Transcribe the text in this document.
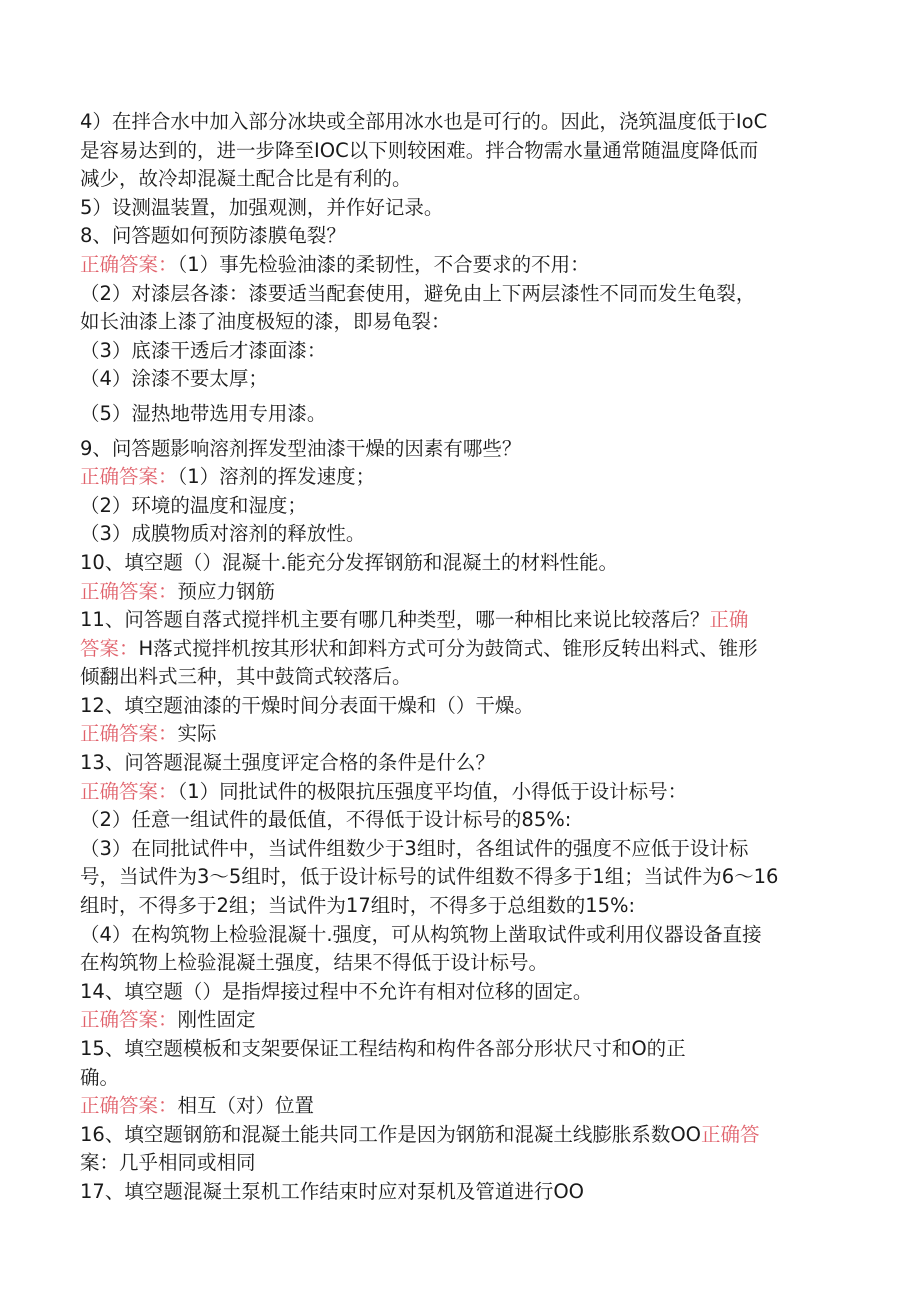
4）在拌合水中加入部分冰块或全部用冰水也是可行的。因此，浇筑温度低于IoC
是容易达到的，进一步降至IOC以下则较困难。拌合物需水量通常随温度降低而
减少，故冷却混凝土配合比是有利的。
5）设测温装置，加强观测，并作好记录。
8、问答题如何预防漆膜龟裂？
正确答案：（1）事先检验油漆的柔韧性，不合要求的不用：
（2）对漆层各漆：漆要适当配套使用，避免由上下两层漆性不同而发生龟裂，
如长油漆上漆了油度极短的漆，即易龟裂：
（3）底漆干透后才漆面漆：
（4）涂漆不要太厚；
（5）湿热地带选用专用漆。
9、问答题影响溶剂挥发型油漆干燥的因素有哪些？
正确答案：（1）溶剂的挥发速度；
（2）环境的温度和湿度；
（3）成膜物质对溶剂的释放性。
10、填空题（）混凝十.能充分发挥钢筋和混凝土的材料性能。
正确答案：预应力钢筋
11、问答题自落式搅拌机主要有哪几种类型，哪一种相比来说比较落后？正确
答案：H落式搅拌机按其形状和卸料方式可分为鼓筒式、锥形反转出料式、锥形
倾翻出料式三种，其中鼓筒式较落后。
12、填空题油漆的干燥时间分表面干燥和（）干燥。
正确答案：实际
13、问答题混凝土强度评定合格的条件是什么？
正确答案：（1）同批试件的极限抗压强度平均值，小得低于设计标号：
（2）任意一组试件的最低值，不得低于设计标号的85%:
（3）在同批试件中，当试件组数少于3组时，各组试件的强度不应低于设计标
号，当试件为3～5组时，低于设计标号的试件组数不得多于1组；当试件为6～16
组时，不得多于2组；当试件为17组时，不得多于总组数的15%:
（4）在构筑物上检验混凝十.强度，可从构筑物上凿取试件或利用仪器设备直接
在构筑物上检验混凝土强度，结果不得低于设计标号。
14、填空题（）是指焊接过程中不允许有相对位移的固定。
正确答案：刚性固定
15、填空题模板和支架要保证工程结构和构件各部分形状尺寸和O的正
确。
正确答案：相互（对）位置
16、填空题钢筋和混凝土能共同工作是因为钢筋和混凝土线膨胀系数OO正确答
案：几乎相同或相同
17、填空题混凝土泵机工作结束时应对泵机及管道进行OO
